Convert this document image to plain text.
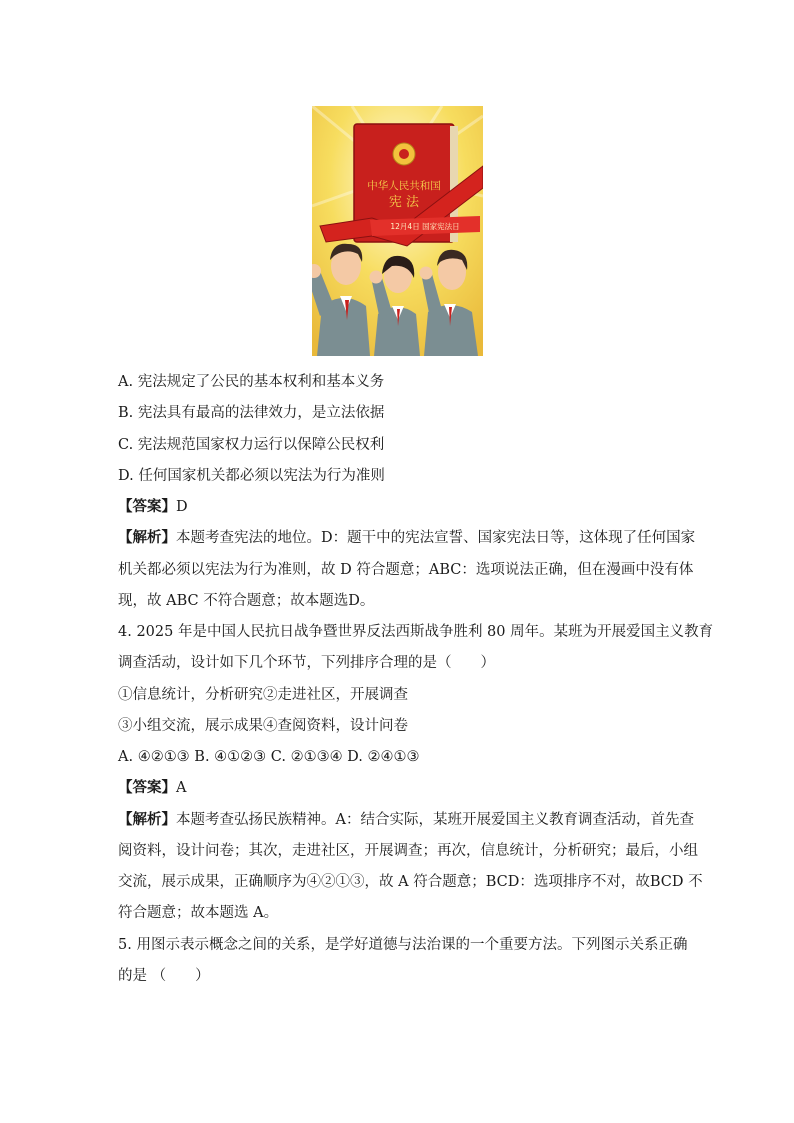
中华人民共和国
宪 法
12月4日 国家宪法日
A. 宪法规定了公民的基本权利和基本义务
B. 宪法具有最高的法律效力，是立法依据
C. 宪法规范国家权力运行以保障公民权利
D. 任何国家机关都必须以宪法为行为准则
【答案】D
【解析】本题考查宪法的地位。D：题干中的宪法宣誓、国家宪法日等，这体现了任何国家
机关都必须以宪法为行为准则，故 D 符合题意；ABC：选项说法正确，但在漫画中没有体
现，故 ABC 不符合题意；故本题选D。
4. 2025 年是中国人民抗日战争暨世界反法西斯战争胜利 80 周年。某班为开展爱国主义教育
调查活动，设计如下几个环节，下列排序合理的是（　　）
①信息统计，分析研究②走进社区，开展调查
③小组交流，展示成果④查阅资料，设计问卷
A. ④②①③ B. ④①②③ C. ②①③④ D. ②④①③
【答案】A
【解析】本题考查弘扬民族精神。A：结合实际，某班开展爱国主义教育调查活动，首先查
阅资料，设计问卷；其次，走进社区，开展调查；再次，信息统计，分析研究；最后，小组
交流，展示成果，正确顺序为④②①③，故 A 符合题意；BCD：选项排序不对，故BCD 不
符合题意；故本题选 A。
5. 用图示表示概念之间的关系，是学好道德与法治课的一个重要方法。下列图示关系正确
的是 （　　）
